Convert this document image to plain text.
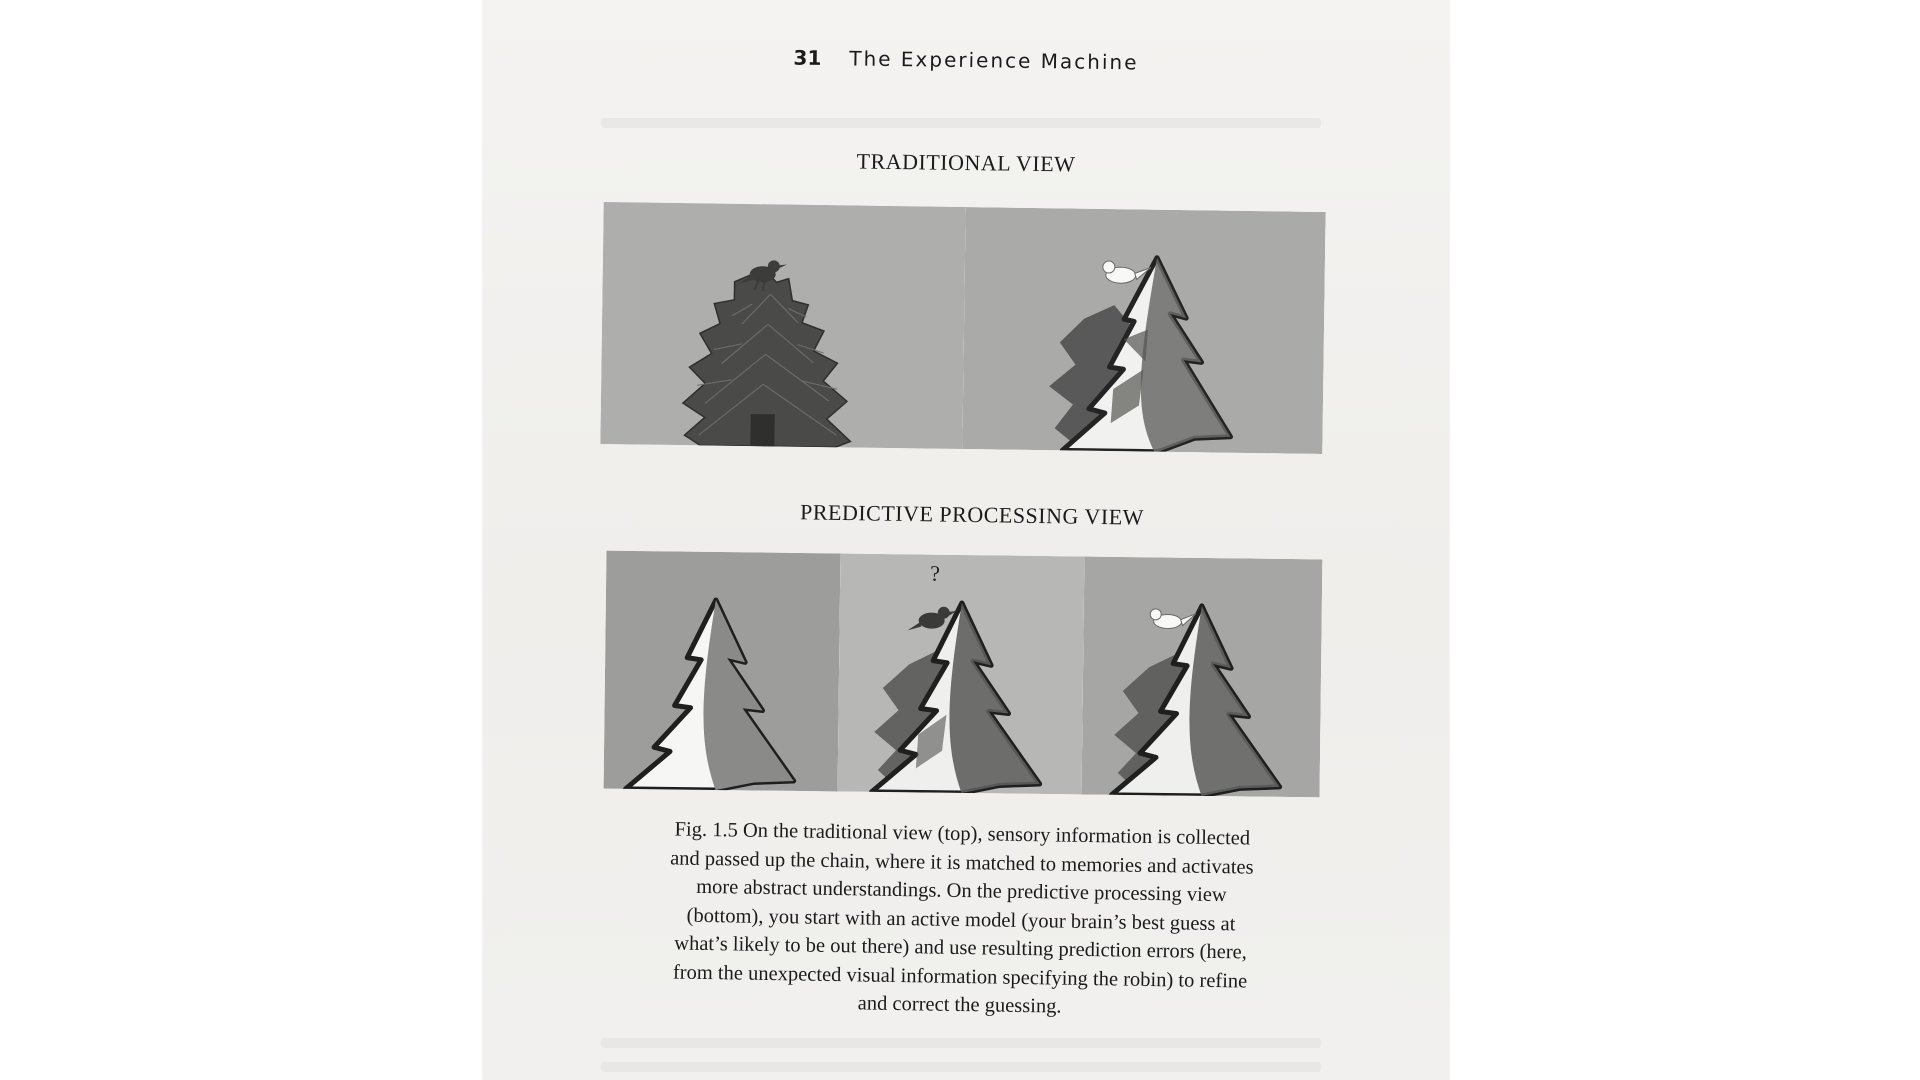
31 The Experience Machine
TRADITIONAL VIEW
PREDICTIVE PROCESSING VIEW
?
Fig. 1.5 On the traditional view (top), sensory information is collected
and passed up the chain, where it is matched to memories and activates
more abstract understandings. On the predictive processing view
(bottom), you start with an active model (your brain’s best guess at
what’s likely to be out there) and use resulting prediction errors (here,
from the unexpected visual information specifying the robin) to refine
and correct the guessing.
